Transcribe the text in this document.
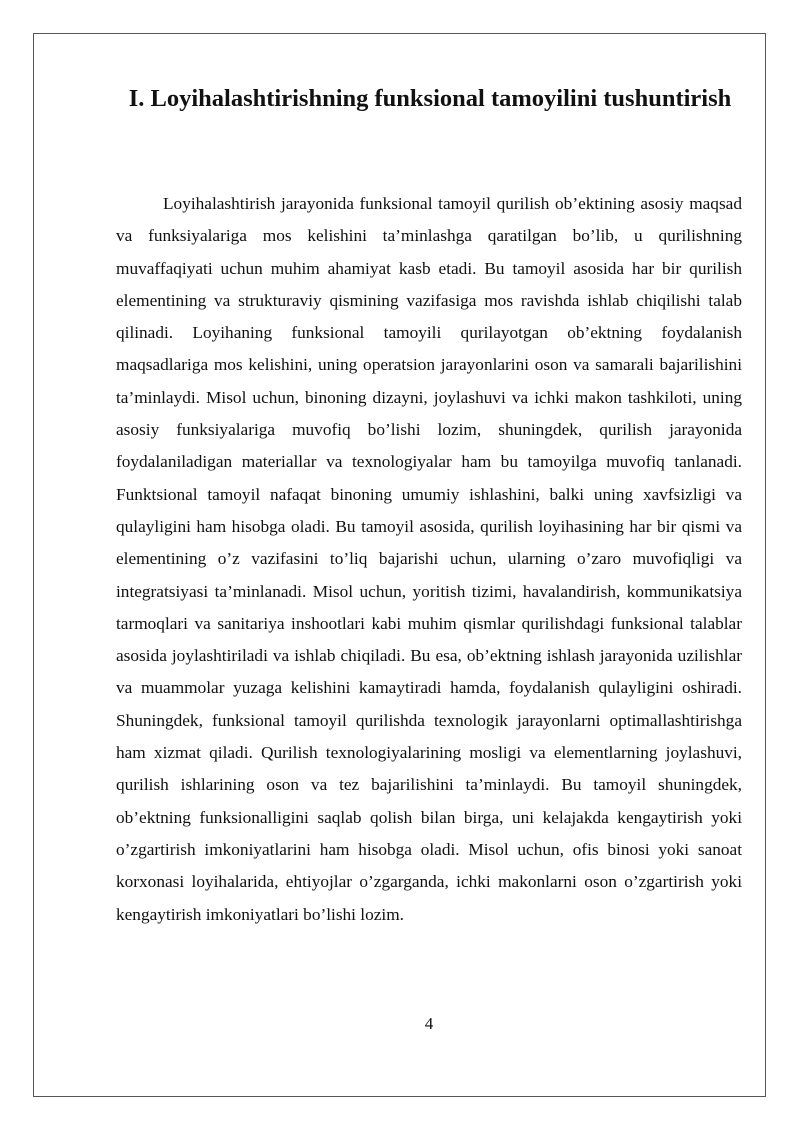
I. Loyihalashtirishning funksional tamoyilini tushuntirish

Loyihalashtirish jarayonida funksional tamoyil qurilish ob’ektining asosiy maqsad va funksiyalariga mos kelishini ta’minlashga qaratilgan bo’lib, u qurilishning muvaffaqiyati uchun muhim ahamiyat kasb etadi. Bu tamoyil asosida har bir qurilish elementining va strukturaviy qismining vazifasiga mos ravishda ishlab chiqilishi talab qilinadi. Loyihaning funksional tamoyili qurilayotgan ob’ektning foydalanish maqsadlariga mos kelishini, uning operatsion jarayonlarini oson va samarali bajarilishini ta’minlaydi. Misol uchun, binoning dizayni, joylashuvi va ichki makon tashkiloti, uning asosiy funksiyalariga muvofiq bo’lishi lozim, shuningdek, qurilish jarayonida foydalaniladigan materiallar va texnologiyalar ham bu tamoyilga muvofiq tanlanadi. Funktsional tamoyil nafaqat binoning umumiy ishlashini, balki uning xavfsizligi va qulayligini ham hisobga oladi. Bu tamoyil asosida, qurilish loyihasining har bir qismi va elementining o’z vazifasini to’liq bajarishi uchun, ularning o’zaro muvofiqligi va integratsiyasi ta’minlanadi. Misol uchun, yoritish tizimi, havalandirish, kommunikatsiya tarmoqlari va sanitariya inshootlari kabi muhim qismlar qurilishdagi funksional talablar asosida joylashtiriladi va ishlab chiqiladi. Bu esa, ob’ektning ishlash jarayonida uzilishlar va muammolar yuzaga kelishini kamaytiradi hamda, foydalanish qulayligini oshiradi. Shuningdek, funksional tamoyil qurilishda texnologik jarayonlarni optimallashtirishga ham xizmat qiladi. Qurilish texnologiyalarining mosligi va elementlarning joylashuvi, qurilish ishlarining oson va tez bajarilishini ta’minlaydi. Bu tamoyil shuningdek, ob’ektning funksionalligini saqlab qolish bilan birga, uni kelajakda kengaytirish yoki o’zgartirish imkoniyatlarini ham hisobga oladi. Misol uchun, ofis binosi yoki sanoat korxonasi loyihalarida, ehtiyojlar o’zgarganda, ichki makonlarni oson o’zgartirish yoki kengaytirish imkoniyatlari bo’lishi lozim.

4
